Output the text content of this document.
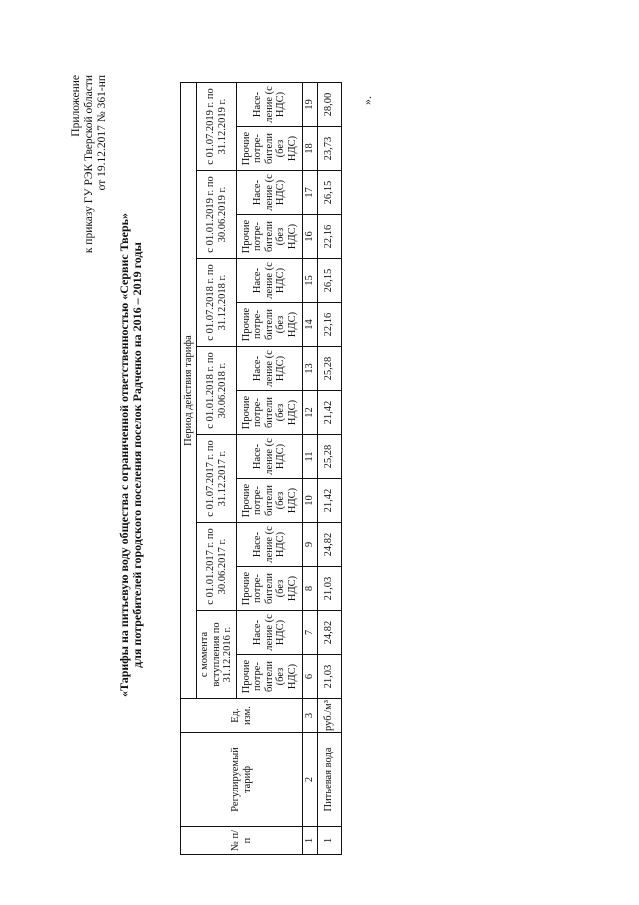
Приложение к приказу ГУ РЭК Тверской области от 19.12.2017 № 361-нп
«Тарифы на питьевую воду общества с ограниченной ответственностью «Сервис Тверь» для потребителей городского поселения поселок Радченко на 2016 – 2019 годы
№ п/п	Регулируемый тариф	Ед. изм.	Период действия тарифа													
			с момента вступления по 31.12.2016 г.		с 01.01.2017 г. по 30.06.2017 г.		с 01.07.2017 г. по 31.12.2017 г.		с 01.01.2018 г. по 30.06.2018 г.		с 01.07.2018 г. по 31.12.2018 г.		с 01.01.2019 г. по 30.06.2019 г.		с 01.07.2019 г. по 31.12.2019 г.	
			Прочие потре-бители (без НДС)	Насе-ление (с НДС)	Прочие потре-бители (без НДС)	Насе-ление (с НДС)	Прочие потре-бители (без НДС)	Насе-ление (с НДС)	Прочие потре-бители (без НДС)	Насе-ление (с НДС)	Прочие потре-бители (без НДС)	Насе-ление (с НДС)	Прочие потре-бители (без НДС)	Насе-ление (с НДС)	Прочие потре-бители (без НДС)	Насе-ление (с НДС)
1	2	3	6	7	8	9	10	11	12	13	14	15	16	17	18	19
1	Питьевая вода	руб./м³	21,03	24,82	21,03	24,82	21,42	25,28	21,42	25,28	22,16	26,15	22,16	26,15	23,73	28,00 ».
